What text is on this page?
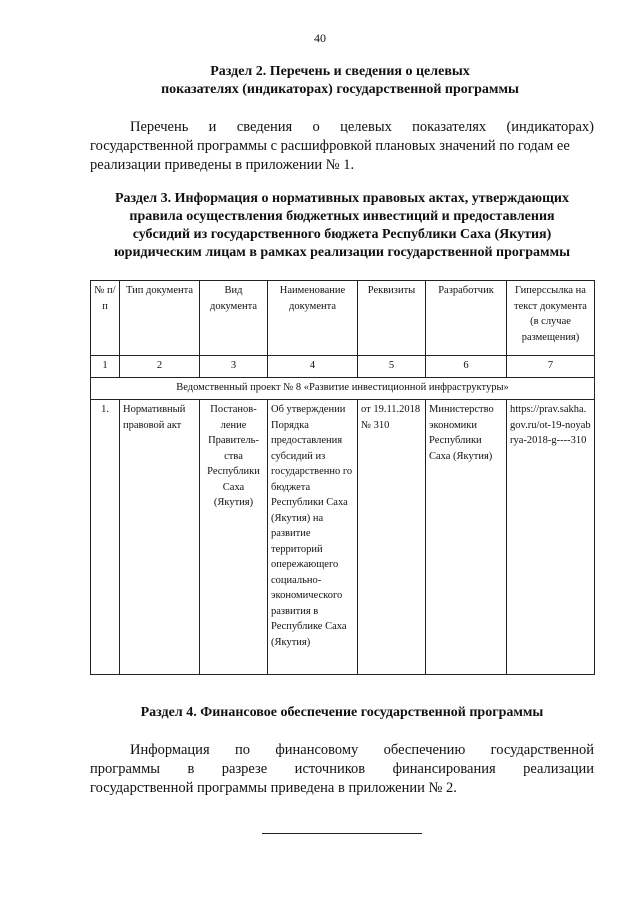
40
Раздел 2. Перечень и сведения о целевых
показателях (индикаторах) государственной программы
Перечень и сведения о целевых показателях (индикаторах)
государственной программы с расшифровкой плановых значений по годам ее реализации приведены в приложении № 1.
Раздел 3. Информация о нормативных правовых актах, утверждающих
правила осуществления бюджетных инвестиций и предоставления
субсидий из государственного бюджета Республики Саха (Якутия)
юридическим лицам в рамках реализации государственной программы
№ п/п	Тип документа	Вид документа	Наименование документа	Реквизиты	Разработчик	Гиперссылка на текст документа (в случае размещения)
1	2	3	4	5	6	7
Ведомственный проект № 8 «Развитие инвестиционной инфраструктуры»						
1.	Нормативный правовой акт	Постанов-ление Правитель-ства Республики Саха (Якутия)	Об утверждении Порядка предоставления субсидий из государственно го бюджета Республики Саха (Якутия) на развитие территорий опережающего социально-экономического развития в Республике Саха (Якутия)	от 19.11.2018 № 310	Министерство экономики Республики Саха (Якутия)	https://prav.sakha.gov.ru/ot-19-noyabrya-2018-g----310
Раздел 4. Финансовое обеспечение государственной программы
Информация по финансовому обеспечению государственной
программы в разрезе источников финансирования реализации
государственной программы приведена в приложении № 2.
